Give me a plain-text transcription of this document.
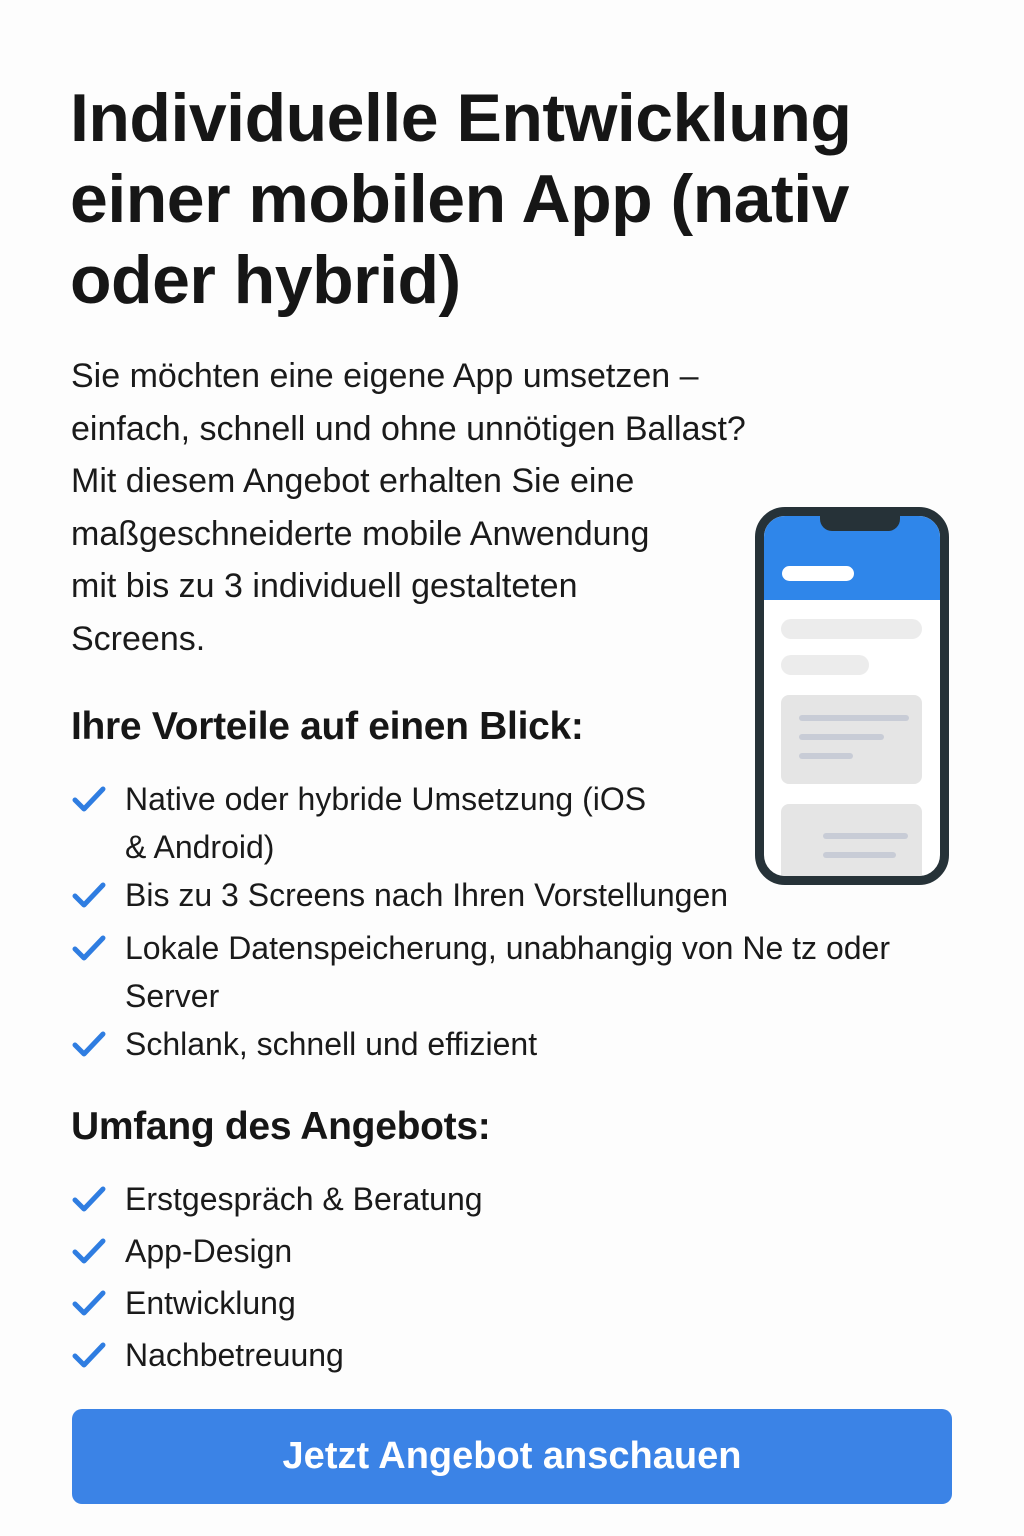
Individuelle Entwicklung einer mobilen App (nativ oder hybrid)

Sie möchten eine eigene App umsetzen –
einfach, schnell und ohne unnötigen Ballast?
Mit diesem Angebot erhalten Sie eine
maßgeschneiderte mobile Anwendung
mit bis zu 3 individuell gestalteten
Screens.

Ihre Vorteile auf einen Blick:
Native oder hybride Umsetzung (iOS
& Android)
Bis zu 3 Screens nach Ihren Vorstellungen
Lokale Datenspeicherung, unabhangig von Ne tz oder
Server
Schlank, schnell und effizient
Umfang des Angebots:
Erstgespräch & Beratung
App-Design
Entwicklung
Nachbetreuung
Jetzt Angebot anschauen
